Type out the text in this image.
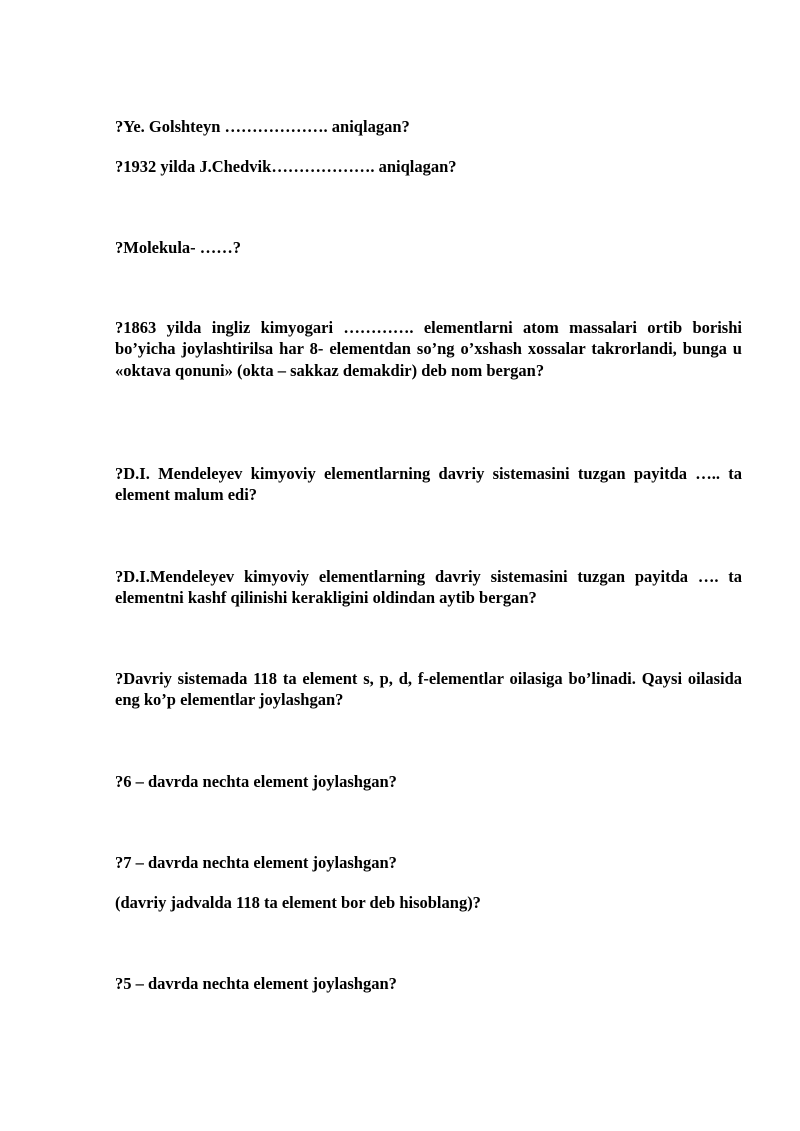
?Ye. Golshteyn ………………. aniqlagan?

?1932 yilda J.Chedvik………………. aniqlagan?

?Molekula- ……?

?1863 yilda ingliz kimyogari …………. elementlarni atom massalari ortib borishi bo’yicha joylashtirilsa har 8- elementdan so’ng o’xshash xossalar takrorlandi, bunga u «oktava qonuni» (okta – sakkaz demakdir) deb nom bergan?

?D.I. Mendeleyev kimyoviy elementlarning davriy sistemasini tuzgan payitda ….. ta element malum edi?

?D.I.Mendeleyev kimyoviy elementlarning davriy sistemasini tuzgan payitda …. ta elementni kashf qilinishi kerakligini oldindan aytib bergan?

?Davriy sistemada 118 ta element s, p, d, f-elementlar oilasiga bo’linadi. Qaysi oilasida eng ko’p elementlar joylashgan?

?6 – davrda nechta element joylashgan?

?7 – davrda nechta element joylashgan?

(davriy jadvalda 118 ta element bor deb hisoblang)?

?5 – davrda nechta element joylashgan?
